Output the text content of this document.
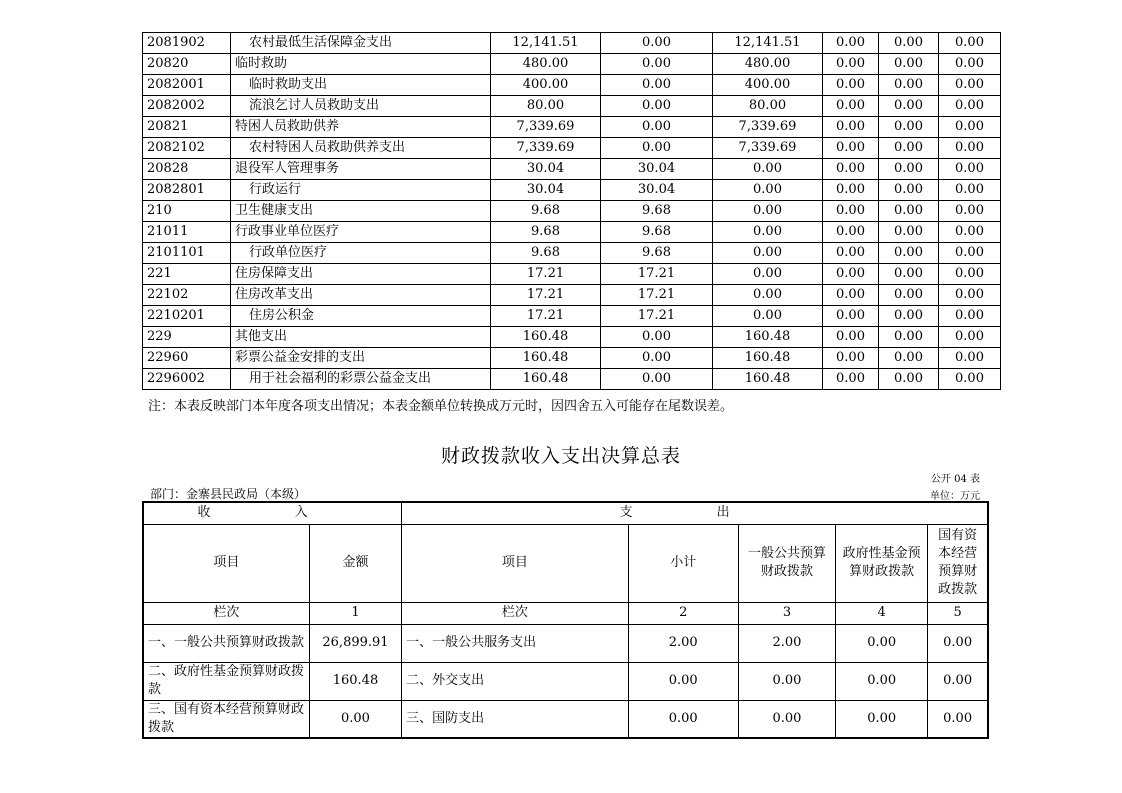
2081902	农村最低生活保障金支出	12,141.51	0.00	12,141.51	0.00	0.00	0.00
20820	临时救助	480.00	0.00	480.00	0.00	0.00	0.00
2082001	临时救助支出	400.00	0.00	400.00	0.00	0.00	0.00
2082002	流浪乞讨人员救助支出	80.00	0.00	80.00	0.00	0.00	0.00
20821	特困人员救助供养	7,339.69	0.00	7,339.69	0.00	0.00	0.00
2082102	农村特困人员救助供养支出	7,339.69	0.00	7,339.69	0.00	0.00	0.00
20828	退役军人管理事务	30.04	30.04	0.00	0.00	0.00	0.00
2082801	行政运行	30.04	30.04	0.00	0.00	0.00	0.00
210	卫生健康支出	9.68	9.68	0.00	0.00	0.00	0.00
21011	行政事业单位医疗	9.68	9.68	0.00	0.00	0.00	0.00
2101101	行政单位医疗	9.68	9.68	0.00	0.00	0.00	0.00
221	住房保障支出	17.21	17.21	0.00	0.00	0.00	0.00
22102	住房改革支出	17.21	17.21	0.00	0.00	0.00	0.00
2210201	住房公积金	17.21	17.21	0.00	0.00	0.00	0.00
229	其他支出	160.48	0.00	160.48	0.00	0.00	0.00
22960	彩票公益金安排的支出	160.48	0.00	160.48	0.00	0.00	0.00
2296002	用于社会福利的彩票公益金支出	160.48	0.00	160.48	0.00	0.00	0.00
注：本表反映部门本年度各项支出情况；本表金额单位转换成万元时，因四舍五入可能存在尾数误差。
财政拨款收入支出决算总表
公开 04 表
部门：金寨县民政局（本级）	单位：万元
收 入		支 出				
项目	金额	项目	小计	一般公共预算财政拨款	政府性基金预算财政拨款	国有资本经营预算财政拨款
栏次	1	栏次	2	3	4	5
一、一般公共预算财政拨款	26,899.91	一、一般公共服务支出	2.00	2.00	0.00	0.00
二、政府性基金预算财政拨款	160.48	二、外交支出	0.00	0.00	0.00	0.00
三、国有资本经营预算财政拨款	0.00	三、国防支出	0.00	0.00	0.00	0.00
